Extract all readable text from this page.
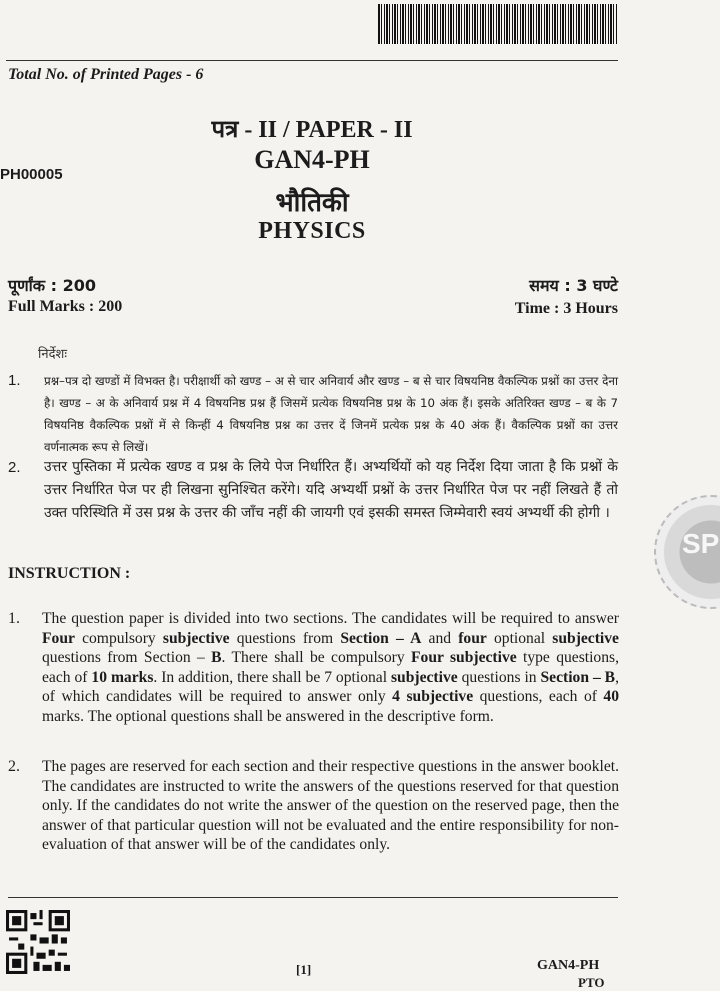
Total No. of Printed Pages - 6
पत्र - II / PAPER - II
GAN4-PH
भौतिकी
PHYSICS
PH00005
पूर्णांक : 200
Full Marks : 200
समय : 3 घण्टे
Time : 3 Hours
निर्देशः
1. प्रश्न–पत्र दो खण्डों में विभक्त है। परीक्षार्थी को खण्ड – अ से चार अनिवार्य और खण्ड – ब से चार विषयनिष्ठ वैकल्पिक प्रश्नों का उत्तर देना है। खण्ड – अ के अनिवार्य प्रश्न में 4 विषयनिष्ठ प्रश्न हैं जिसमें प्रत्येक विषयनिष्ठ प्रश्न के 10 अंक हैं। इसके अतिरिक्त खण्ड – ब के 7 विषयनिष्ठ वैकल्पिक प्रश्नों में से किन्हीं 4 विषयनिष्ठ प्रश्न का उत्तर दें जिनमें प्रत्येक प्रश्न के 40 अंक हैं। वैकल्पिक प्रश्नों का उत्तर वर्णनात्मक रूप से लिखें।
2. उत्तर पुस्तिका में प्रत्येक खण्ड व प्रश्न के लिये पेज निर्धारित हैं। अभ्यर्थियों को यह निर्देश दिया जाता है कि प्रश्नों के उत्तर निर्धारित पेज पर ही लिखना सुनिश्चित करेंगे। यदि अभ्यर्थी प्रश्नों के उत्तर निर्धारित पेज पर नहीं लिखते हैं तो उक्त परिस्थिति में उस प्रश्न के उत्तर की जाँच नहीं की जायगी एवं इसकी समस्त जिम्मेवारी स्वयं अभ्यर्थी की होगी ।
SP
INSTRUCTION :
1. The question paper is divided into two sections. The candidates will be required to answer Four compulsory subjective questions from Section – A and four optional subjective questions from Section – B. There shall be compulsory Four subjective type questions, each of 10 marks. In addition, there shall be 7 optional subjective questions in Section – B, of which candidates will be required to answer only 4 subjective questions, each of 40 marks. The optional questions shall be answered in the descriptive form.
2. The pages are reserved for each section and their respective questions in the answer booklet. The candidates are instructed to write the answers of the questions reserved for that question only. If the candidates do not write the answer of the question on the reserved page, then the answer of that particular question will not be evaluated and the entire responsibility for non-evaluation of that answer will be of the candidates only.
[1]	GAN4-PH
PTO
